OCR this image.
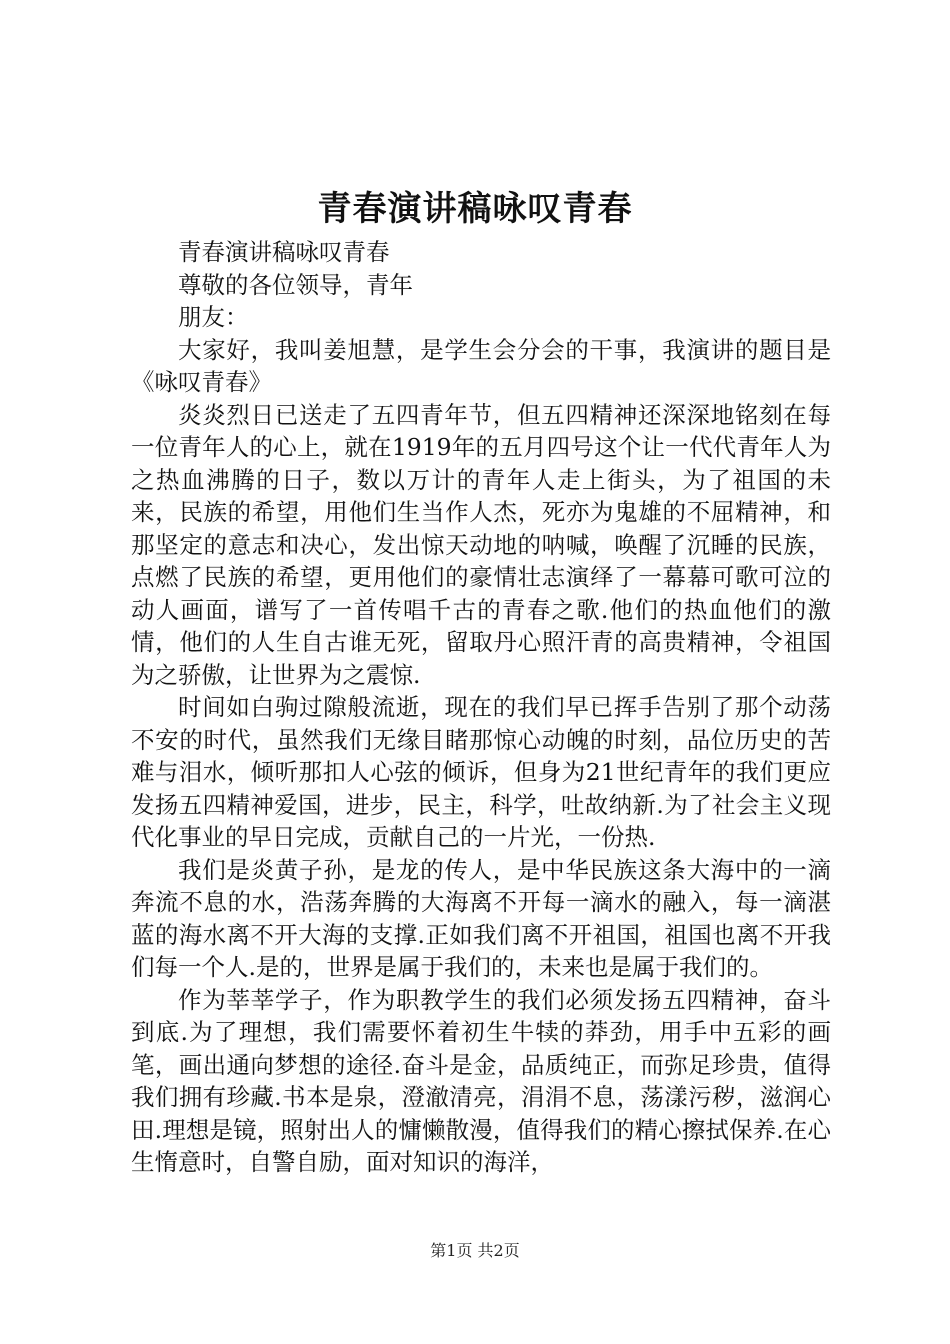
青春演讲稿咏叹青春

青春演讲稿咏叹青春

尊敬的各位领导，青年

朋友：

大家好，我叫姜旭慧，是学生会分会的干事，我演讲的题目是《咏叹青春》

炎炎烈日已送走了五四青年节，但五四精神还深深地铭刻在每一位青年人的心上，就在1919年的五月四号这个让一代代青年人为之热血沸腾的日子，数以万计的青年人走上街头，为了祖国的未来，民族的希望，用他们生当作人杰，死亦为鬼雄的不屈精神，和那坚定的意志和决心，发出惊天动地的呐喊，唤醒了沉睡的民族，点燃了民族的希望，更用他们的豪情壮志演绎了一幕幕可歌可泣的动人画面，谱写了一首传唱千古的青春之歌.他们的热血他们的激情，他们的人生自古谁无死，留取丹心照汗青的高贵精神，令祖国为之骄傲，让世界为之震惊.

时间如白驹过隙般流逝，现在的我们早已挥手告别了那个动荡不安的时代，虽然我们无缘目睹那惊心动魄的时刻，品位历史的苦难与泪水，倾听那扣人心弦的倾诉，但身为21世纪青年的我们更应发扬五四精神爱国，进步，民主，科学，吐故纳新.为了社会主义现代化事业的早日完成，贡献自己的一片光，一份热.

我们是炎黄子孙，是龙的传人，是中华民族这条大海中的一滴奔流不息的水，浩荡奔腾的大海离不开每一滴水的融入，每一滴湛蓝的海水离不开大海的支撑.正如我们离不开祖国，祖国也离不开我们每一个人.是的，世界是属于我们的，未来也是属于我们的。

作为莘莘学子，作为职教学生的我们必须发扬五四精神，奋斗到底.为了理想，我们需要怀着初生牛犊的莽劲，用手中五彩的画笔，画出通向梦想的途径.奋斗是金，品质纯正，而弥足珍贵，值得我们拥有珍藏.书本是泉，澄澈清亮，涓涓不息，荡漾污秽，滋润心田.理想是镜，照射出人的慵懒散漫，值得我们的精心擦拭保养.在心生惰意时，自警自励，面对知识的海洋，

第1页 共2页
